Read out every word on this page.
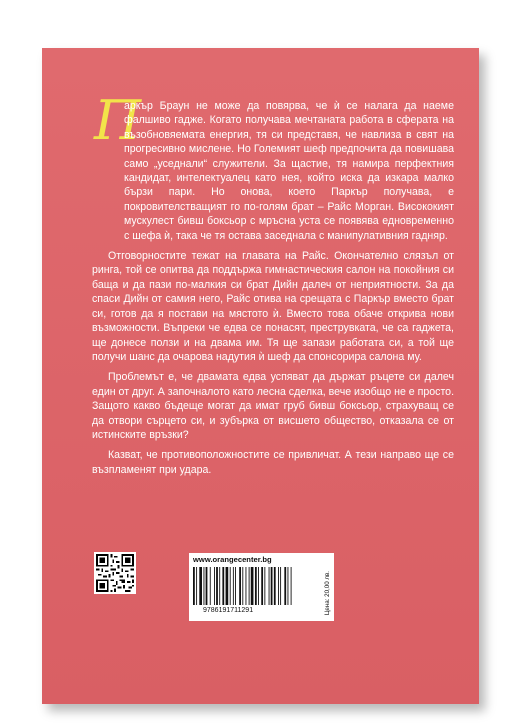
П

аркър Браун не може да повярва, че ѝ се налага да наеме фалшиво гадже. Когато получава мечтаната работа в сферата на възобновяемата енергия, тя си представя, че навлиза в свят на прогресивно мислене. Но Големият шеф предпочита да повишава само „уседнали“ служители. За щастие, тя намира перфектния кандидат, интелектуалец като нея, който иска да изкара малко бързи пари. Но онова, което Паркър получава, е покровителстващият го по-голям брат – Райс Морган. Висококият мускулест бивш боксьор с мръсна уста се появява едновременно с шефа ѝ, така че тя остава заседнала с манипулативния гадняр.

Отговорностите тежат на главата на Райс. Окончателно слязъл от ринга, той се опитва да поддържа гимнастическия салон на покойния си баща и да пази по-малкия си брат Дийн далеч от неприятности. За да спаси Дийн от самия него, Райс отива на срещата с Паркър вместо брат си, готов да я постави на мястото ѝ. Вместо това обаче открива нови възможности. Въпреки че едва се понасят, преструвката, че са гаджета, ще донесе ползи и на двама им. Тя ще запази работата си, а той ще получи шанс да очарова надутия ѝ шеф да спонсорира салона му.

Проблемът е, че двамата едва успяват да държат ръцете си далеч един от друг. А започналото като лесна сделка, вече изобщо не е просто. Защото какво бъдеще могат да имат груб бивш боксьор, страхуващ се да отвори сърцето си, и зубърка от висшето общество, отказала се от истинските връзки?

Казват, че противоположностите се привличат. А тези направо ще се възпламенят при удара.

www.orangecenter.bg
9786191711291	Цена: 20,00 лв.
